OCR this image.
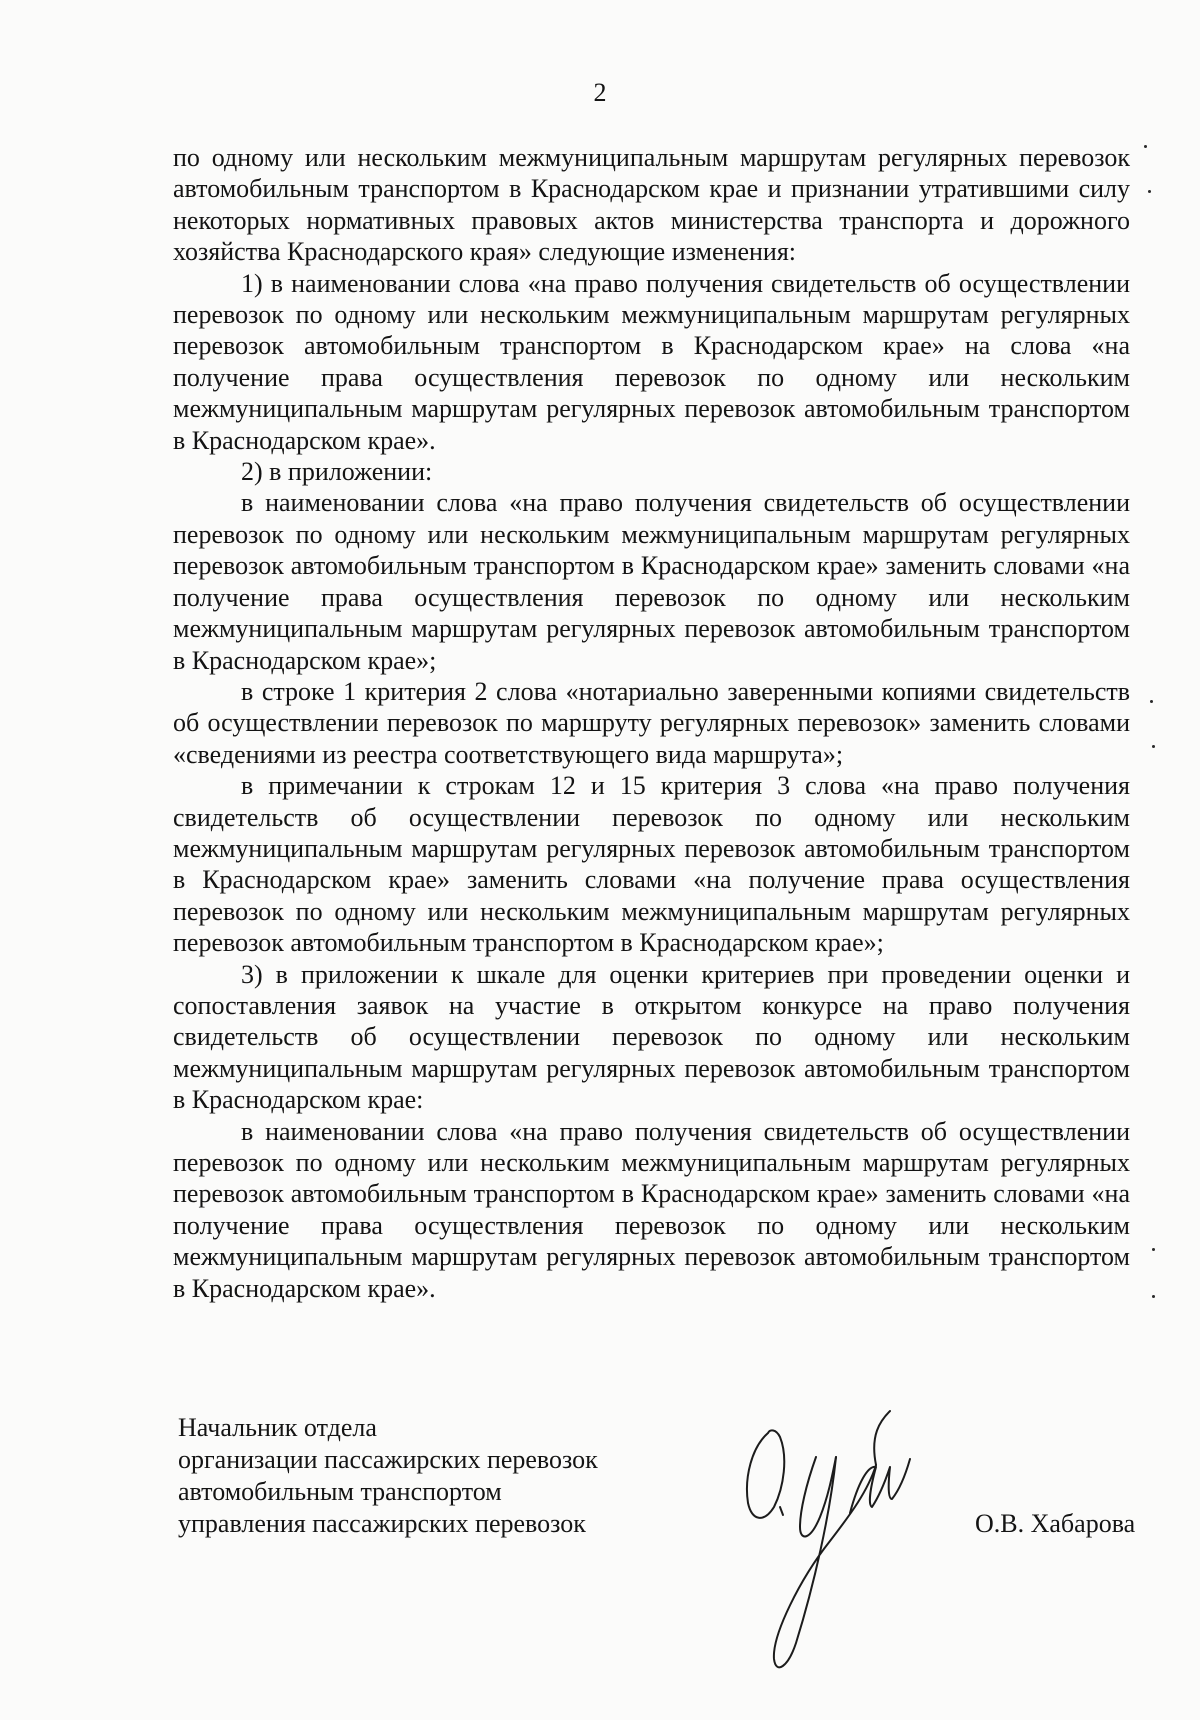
2

по одному или нескольким межмуниципальным маршрутам регулярных перевозок автомобильным транспортом в Краснодарском крае и признании утратившими силу некоторых нормативных правовых актов министерства транспорта и дорожного хозяйства Краснодарского края» следующие изменения:

1) в наименовании слова «на право получения свидетельств об осуществлении перевозок по одному или нескольким межмуниципальным маршрутам регулярных перевозок автомобильным транспортом в Краснодарском крае» на слова «на получение права осуществления перевозок по одному или нескольким межмуниципальным маршрутам регулярных перевозок автомобильным транспортом в Краснодарском крае».

2) в приложении:

в наименовании слова «на право получения свидетельств об осуществлении перевозок по одному или нескольким межмуниципальным маршрутам регулярных перевозок автомобильным транспортом в Краснодарском крае» заменить словами «на получение права осуществления перевозок по одному или нескольким межмуниципальным маршрутам регулярных перевозок автомобильным транспортом в Краснодарском крае»;

в строке 1 критерия 2 слова «нотариально заверенными копиями свидетельств об осуществлении перевозок по маршруту регулярных перевозок» заменить словами «сведениями из реестра соответствующего вида маршрута»;

в примечании к строкам 12 и 15 критерия 3 слова «на право получения свидетельств об осуществлении перевозок по одному или нескольким межмуниципальным маршрутам регулярных перевозок автомобильным транспортом в Краснодарском крае» заменить словами «на получение права осуществления перевозок по одному или нескольким межмуниципальным маршрутам регулярных перевозок автомобильным транспортом в Краснодарском крае»;

3) в приложении к шкале для оценки критериев при проведении оценки и сопоставления заявок на участие в открытом конкурсе на право получения свидетельств об осуществлении перевозок по одному или нескольким межмуниципальным маршрутам регулярных перевозок автомобильным транспортом в Краснодарском крае:

в наименовании слова «на право получения свидетельств об осуществлении перевозок по одному или нескольким межмуниципальным маршрутам регулярных перевозок автомобильным транспортом в Краснодарском крае» заменить словами «на получение права осуществления перевозок по одному или нескольким межмуниципальным маршрутам регулярных перевозок автомобильным транспортом в Краснодарском крае».

Начальник отдела
организации пассажирских перевозок
автомобильным транспортом
управления пассажирских перевозок	О.В. Хабарова
